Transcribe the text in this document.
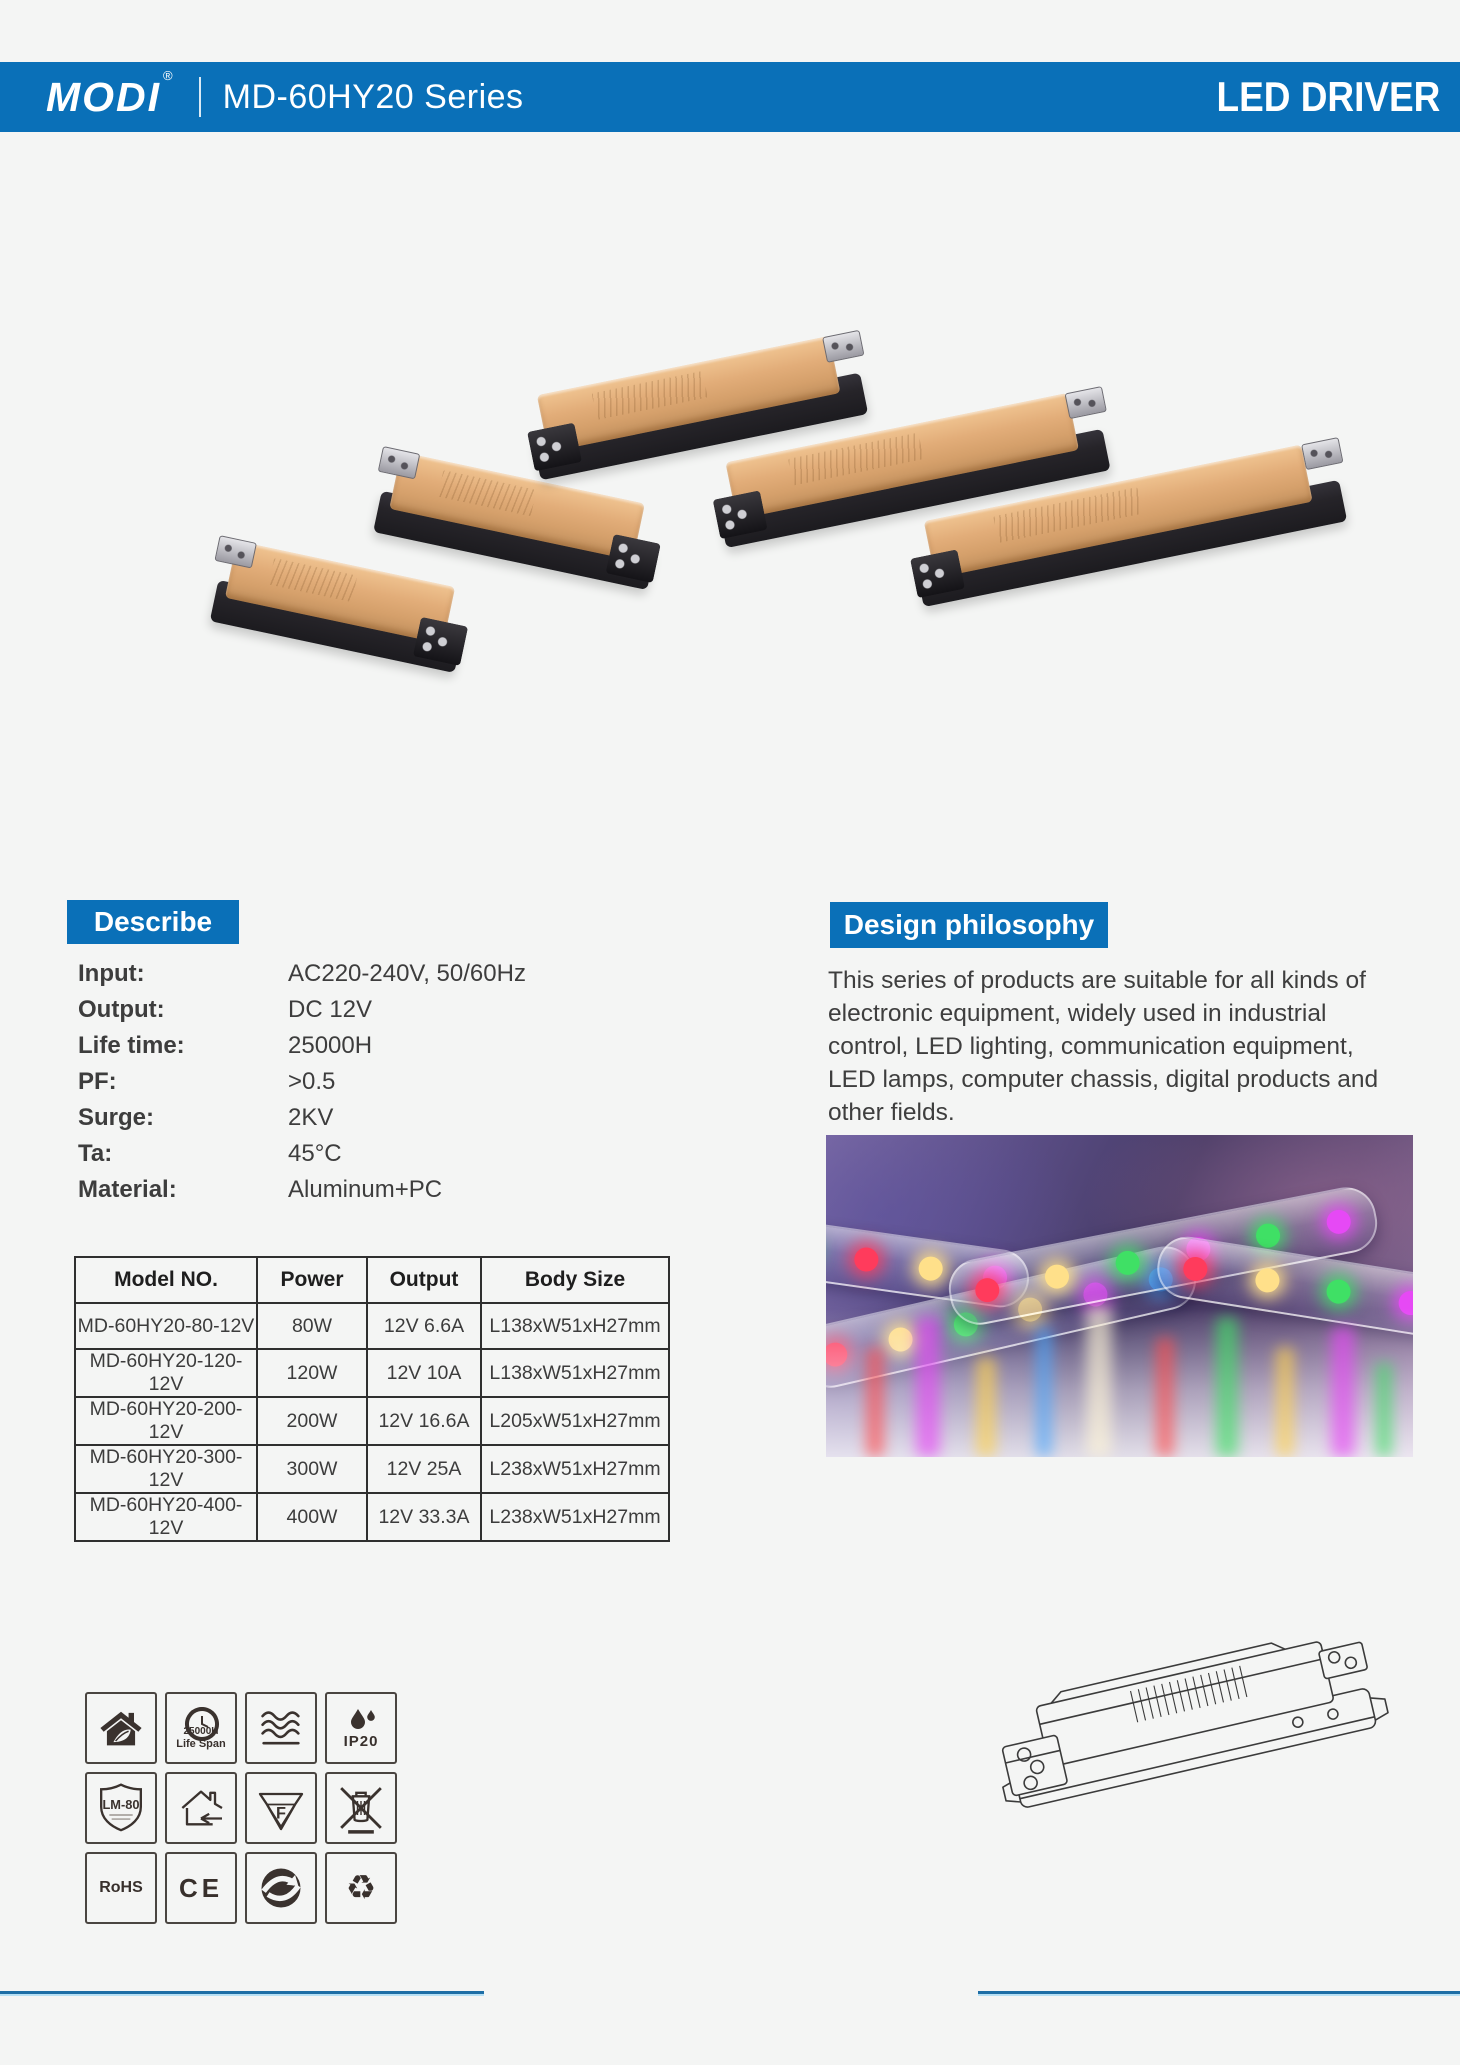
MODI ®
MD-60HY20 Series	LED DRIVER
Describe
Input:	AC220-240V, 50/60Hz
Output:	DC 12V
Life time:	25000H
PF:	>0.5
Surge:	2KV
Ta:	45°C
Material:	Aluminum+PC
Design philosophy
This series of products are suitable for all kinds of
electronic equipment, widely used in industrial
control, LED lighting, communication equipment,
LED lamps, computer chassis, digital products and
other fields.
Model NO.	Power	Output	Body Size
MD-60HY20-80-12V	80W	12V 6.6A	L138xW51xH27mm
MD-60HY20-120-12V	120W	12V 10A	L138xW51xH27mm
MD-60HY20-200-12V	200W	12V 16.6A	L205xW51xH27mm
MD-60HY20-300-12V	300W	12V 25A	L238xW51xH27mm
MD-60HY20-400-12V	400W	12V 33.3A	L238xW51xH27mm
25000H
Life Span	IP20
LM-80	F
RoHS CE	♻
